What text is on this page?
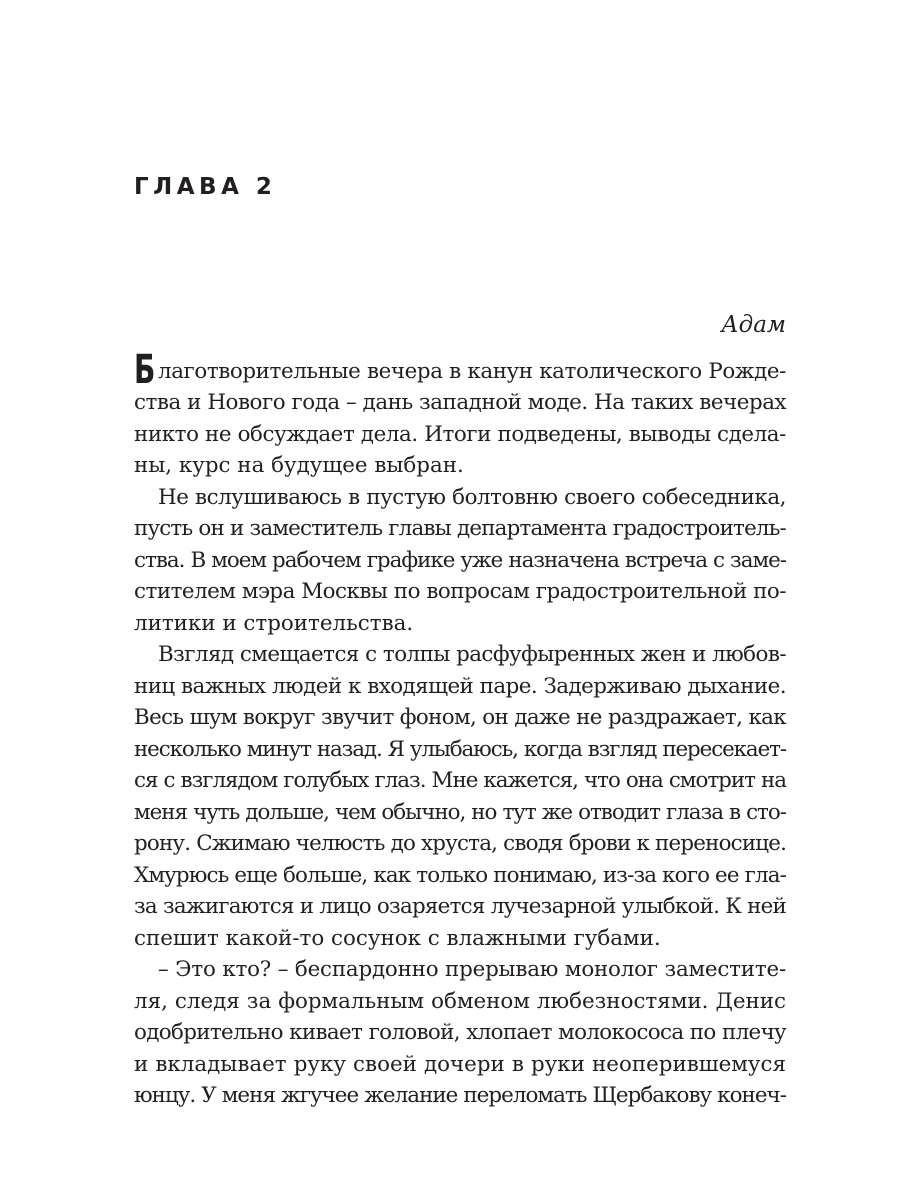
ГЛАВА 2
Адам
Б лаготворительные вечера в канун католического Рожде-
ства и Нового года – дань западной моде. На таких вечерах
никто не обсуждает дела. Итоги подведены, выводы сдела-
ны, курс на будущее выбран.
Не вслушиваюсь в пустую болтовню своего собеседника,
пусть он и заместитель главы департамента градостроитель-
ства. В моем рабочем графике уже назначена встреча с заме-
стителем мэра Москвы по вопросам градостроительной по-
литики и строительства.
Взгляд смещается с толпы расфуфыренных жен и любов-
ниц важных людей к входящей паре. Задерживаю дыхание.
Весь шум вокруг звучит фоном, он даже не раздражает, как
несколько минут назад. Я улыбаюсь, когда взгляд пересекает-
ся с взглядом голубых глаз. Мне кажется, что она смотрит на
меня чуть дольше, чем обычно, но тут же отводит глаза в сто-
рону. Сжимаю челюсть до хруста, сводя брови к переносице.
Хмурюсь еще больше, как только понимаю, из-за кого ее гла-
за зажигаются и лицо озаряется лучезарной улыбкой. К ней
спешит какой-то сосунок с влажными губами.
– Это кто? – беспардонно прерываю монолог заместите-
ля, следя за формальным обменом любезностями. Денис
одобрительно кивает головой, хлопает молокососа по плечу
и вкладывает руку своей дочери в руки неоперившемуся
юнцу. У меня жгучее желание переломать Щербакову конеч-
